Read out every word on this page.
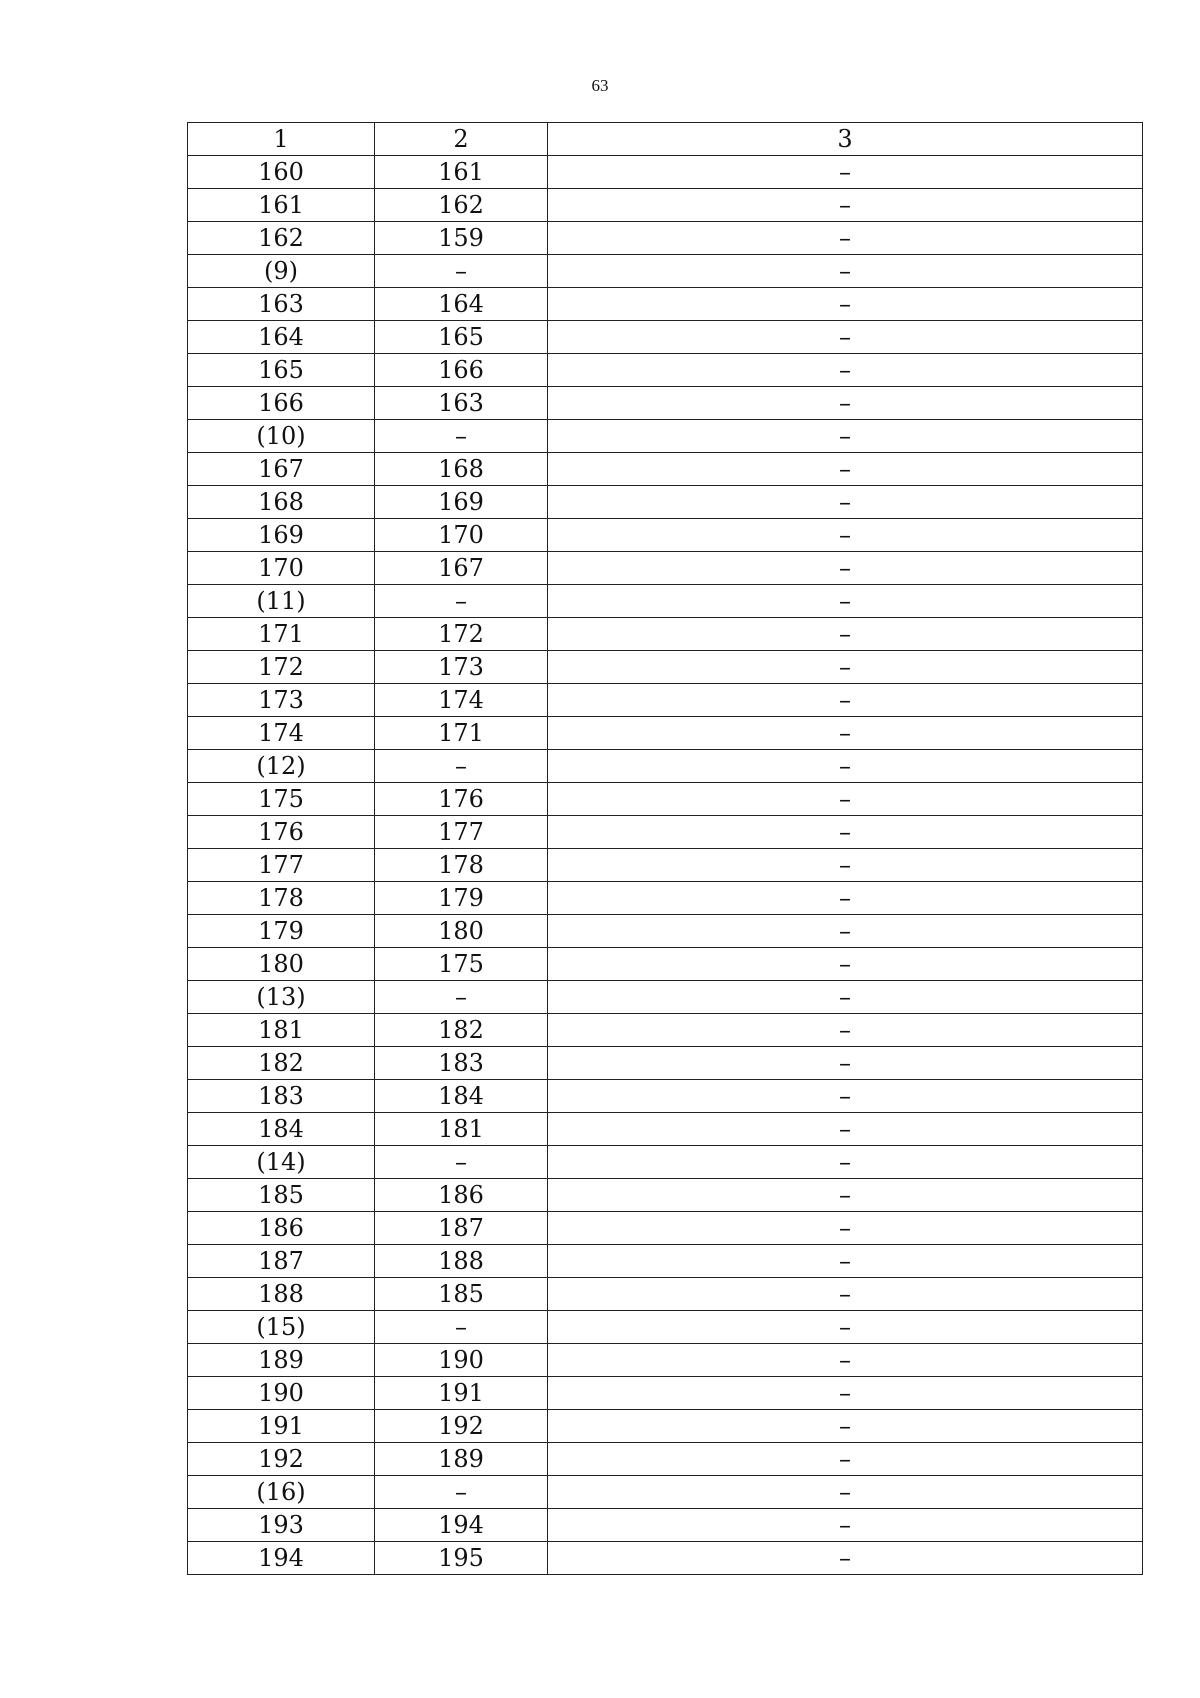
63
1	2	3
160	161	–
161	162	–
162	159	–
(9)	–	–
163	164	–
164	165	–
165	166	–
166	163	–
(10)	–	–
167	168	–
168	169	–
169	170	–
170	167	–
(11)	–	–
171	172	–
172	173	–
173	174	–
174	171	–
(12)	–	–
175	176	–
176	177	–
177	178	–
178	179	–
179	180	–
180	175	–
(13)	–	–
181	182	–
182	183	–
183	184	–
184	181	–
(14)	–	–
185	186	–
186	187	–
187	188	–
188	185	–
(15)	–	–
189	190	–
190	191	–
191	192	–
192	189	–
(16)	–	–
193	194	–
194	195	–
